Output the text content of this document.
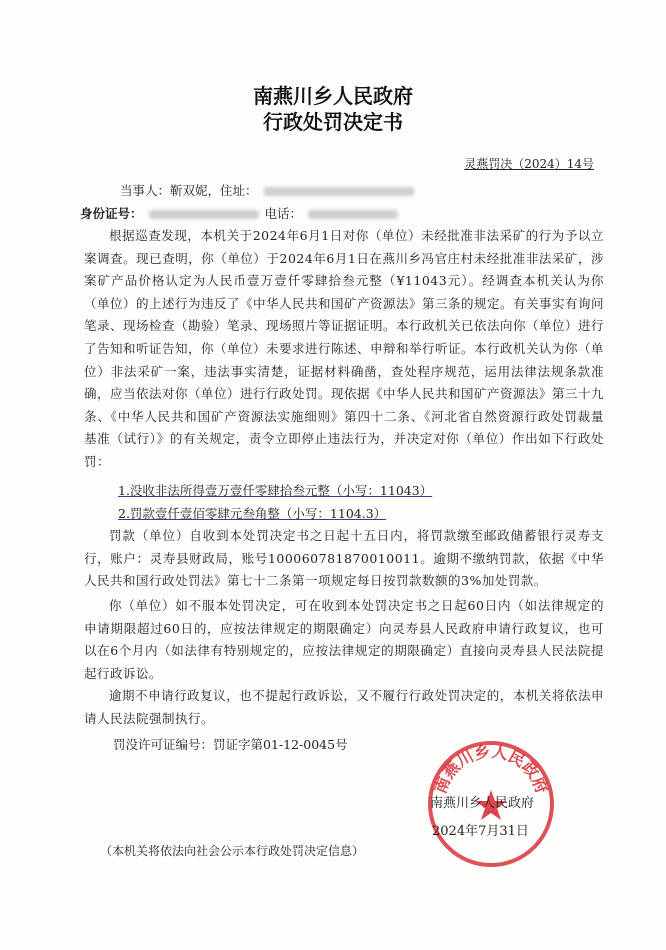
南燕川乡人民政府
行政处罚决定书
灵燕罚决（2024）14号
当事人：靳双妮，住址：
身份证号：	电话：
根据巡查发现，本机关于2024年6月1日对你（单位）未经批准非法采矿的行为予以立案调查。现已查明，你（单位）于2024年6月1日在燕川乡冯官庄村未经批准非法采矿，涉案矿产品价格认定为人民币壹万壹仟零肆拾叁元整（¥11043元）。经调查本机关认为你（单位）的上述行为违反了《中华人民共和国矿产资源法》第三条的规定。有关事实有询问笔录、现场检查（勘验）笔录、现场照片等证据证明。本行政机关已依法向你（单位）进行了告知和听证告知，你（单位）未要求进行陈述、申辩和举行听证。本行政机关认为你（单位）非法采矿一案，违法事实清楚，证据材料确凿，查处程序规范，运用法律法规条款准确，应当依法对你（单位）进行行政处罚。现依据《中华人民共和国矿产资源法》第三十九条、《中华人民共和国矿产资源法实施细则》第四十二条、《河北省自然资源行政处罚裁量基准（试行）》的有关规定，责令立即停止违法行为，并决定对你（单位）作出如下行政处罚：
1.没收非法所得壹万壹仟零肆拾叁元整（小写：11043）
2.罚款壹仟壹佰零肆元叁角整（小写：1104.3）
罚款（单位）自收到本处罚决定书之日起十五日内，将罚款缴至邮政储蓄银行灵寿支行，账户：灵寿县财政局，账号100060781870010011。逾期不缴纳罚款，依据《中华人民共和国行政处罚法》第七十二条第一项规定每日按罚款数额的3%加处罚款。
你（单位）如不服本处罚决定，可在收到本处罚决定书之日起60日内（如法律规定的申请期限超过60日的，应按法律规定的期限确定）向灵寿县人民政府申请行政复议，也可以在6个月内（如法律有特别规定的，应按法律规定的期限确定）直接向灵寿县人民法院提起行政诉讼。
逾期不申请行政复议，也不提起行政诉讼，又不履行行政处罚决定的，本机关将依法申请人民法院强制执行。
罚没许可证编号：罚证字第01-12-0045号
南燕川乡人民政府
南燕川乡人民政府
2024年7月31日
（本机关将依法向社会公示本行政处罚决定信息）
